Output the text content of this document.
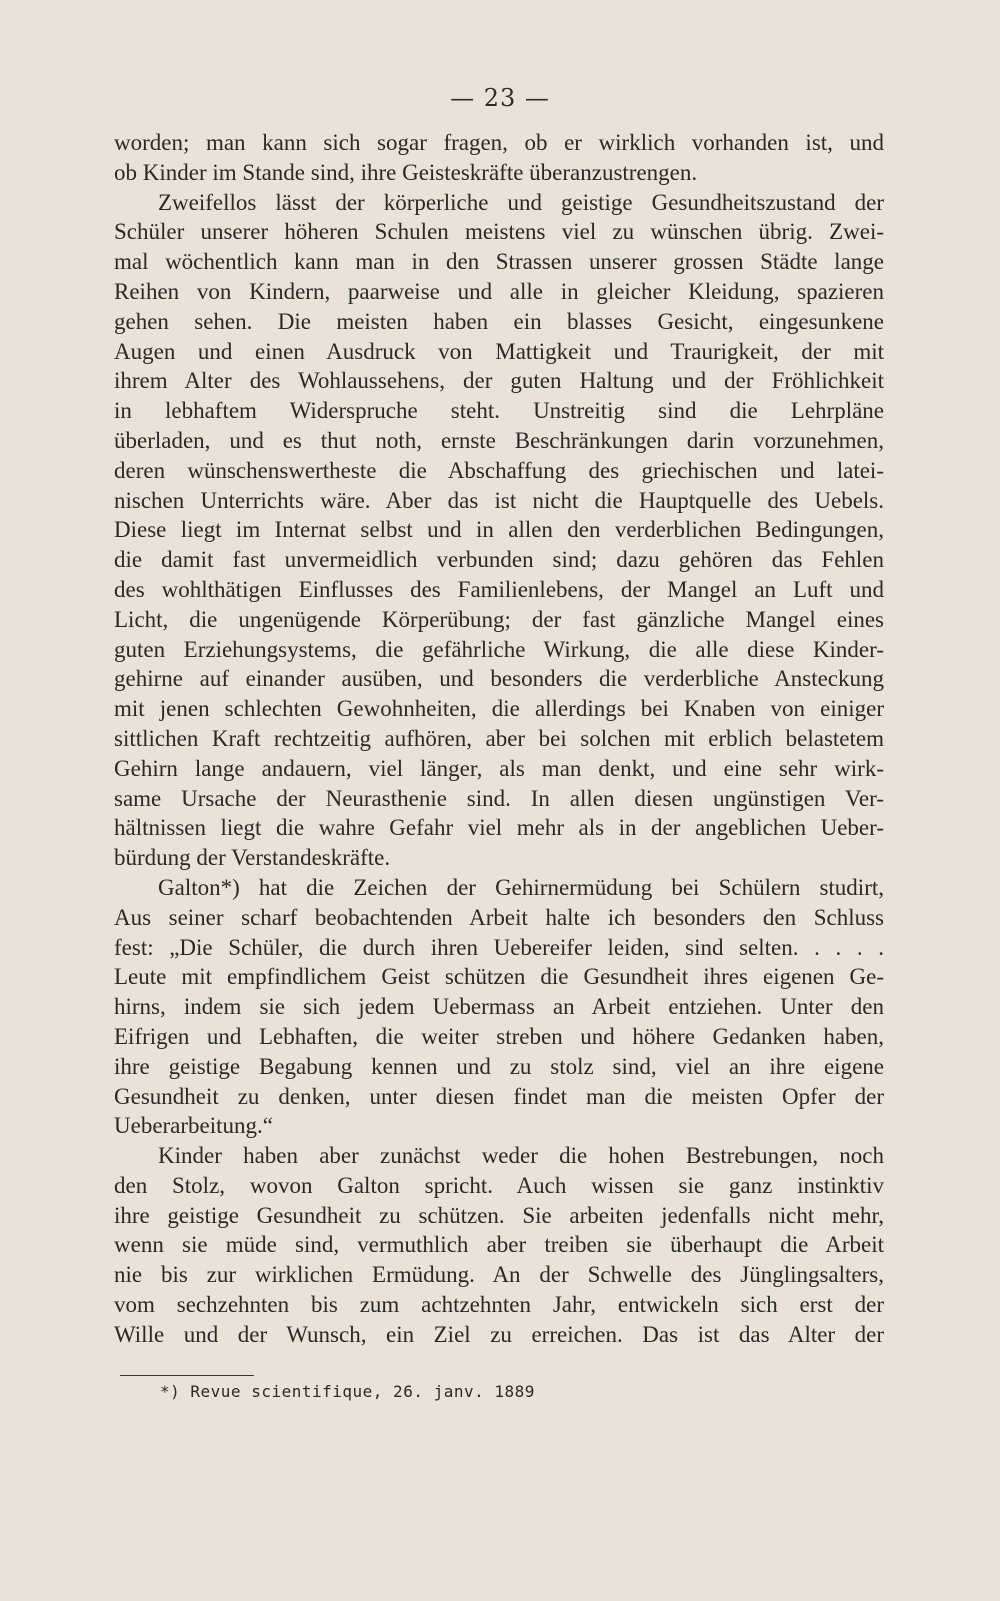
— 23 —
worden; man kann sich sogar fragen, ob er wirklich vorhanden ist, und
ob Kinder im Stande sind, ihre Geisteskräfte überanzustrengen.
Zweifellos lässt der körperliche und geistige Gesundheitszustand der
Schüler unserer höheren Schulen meistens viel zu wünschen übrig. Zwei-
mal wöchentlich kann man in den Strassen unserer grossen Städte lange
Reihen von Kindern, paarweise und alle in gleicher Kleidung, spazieren
gehen sehen. Die meisten haben ein blasses Gesicht, eingesunkene
Augen und einen Ausdruck von Mattigkeit und Traurigkeit, der mit
ihrem Alter des Wohlaussehens, der guten Haltung und der Fröhlichkeit
in lebhaftem Widerspruche steht. Unstreitig sind die Lehrpläne
überladen, und es thut noth, ernste Beschränkungen darin vorzunehmen,
deren wünschenswertheste die Abschaffung des griechischen und latei-
nischen Unterrichts wäre. Aber das ist nicht die Hauptquelle des Uebels.
Diese liegt im Internat selbst und in allen den verderblichen Bedingungen,
die damit fast unvermeidlich verbunden sind; dazu gehören das Fehlen
des wohlthätigen Einflusses des Familienlebens, der Mangel an Luft und
Licht, die ungenügende Körperübung; der fast gänzliche Mangel eines
guten Erziehungsystems, die gefährliche Wirkung, die alle diese Kinder-
gehirne auf einander ausüben, und besonders die verderbliche Ansteckung
mit jenen schlechten Gewohnheiten, die allerdings bei Knaben von einiger
sittlichen Kraft rechtzeitig aufhören, aber bei solchen mit erblich belastetem
Gehirn lange andauern, viel länger, als man denkt, und eine sehr wirk-
same Ursache der Neurasthenie sind. In allen diesen ungünstigen Ver-
hältnissen liegt die wahre Gefahr viel mehr als in der angeblichen Ueber-
bürdung der Verstandeskräfte.
Galton*) hat die Zeichen der Gehirnermüdung bei Schülern studirt,
Aus seiner scharf beobachtenden Arbeit halte ich besonders den Schluss
fest: „Die Schüler, die durch ihren Uebereifer leiden, sind selten. . . . .
Leute mit empfindlichem Geist schützen die Gesundheit ihres eigenen Ge-
hirns, indem sie sich jedem Uebermass an Arbeit entziehen. Unter den
Eifrigen und Lebhaften, die weiter streben und höhere Gedanken haben,
ihre geistige Begabung kennen und zu stolz sind, viel an ihre eigene
Gesundheit zu denken, unter diesen findet man die meisten Opfer der
Ueberarbeitung.“
Kinder haben aber zunächst weder die hohen Bestrebungen, noch
den Stolz, wovon Galton spricht. Auch wissen sie ganz instinktiv
ihre geistige Gesundheit zu schützen. Sie arbeiten jedenfalls nicht mehr,
wenn sie müde sind, vermuthlich aber treiben sie überhaupt die Arbeit
nie bis zur wirklichen Ermüdung. An der Schwelle des Jünglingsalters,
vom sechzehnten bis zum achtzehnten Jahr, entwickeln sich erst der
Wille und der Wunsch, ein Ziel zu erreichen. Das ist das Alter der
*) Revue scientifique, 26. janv. 1889
